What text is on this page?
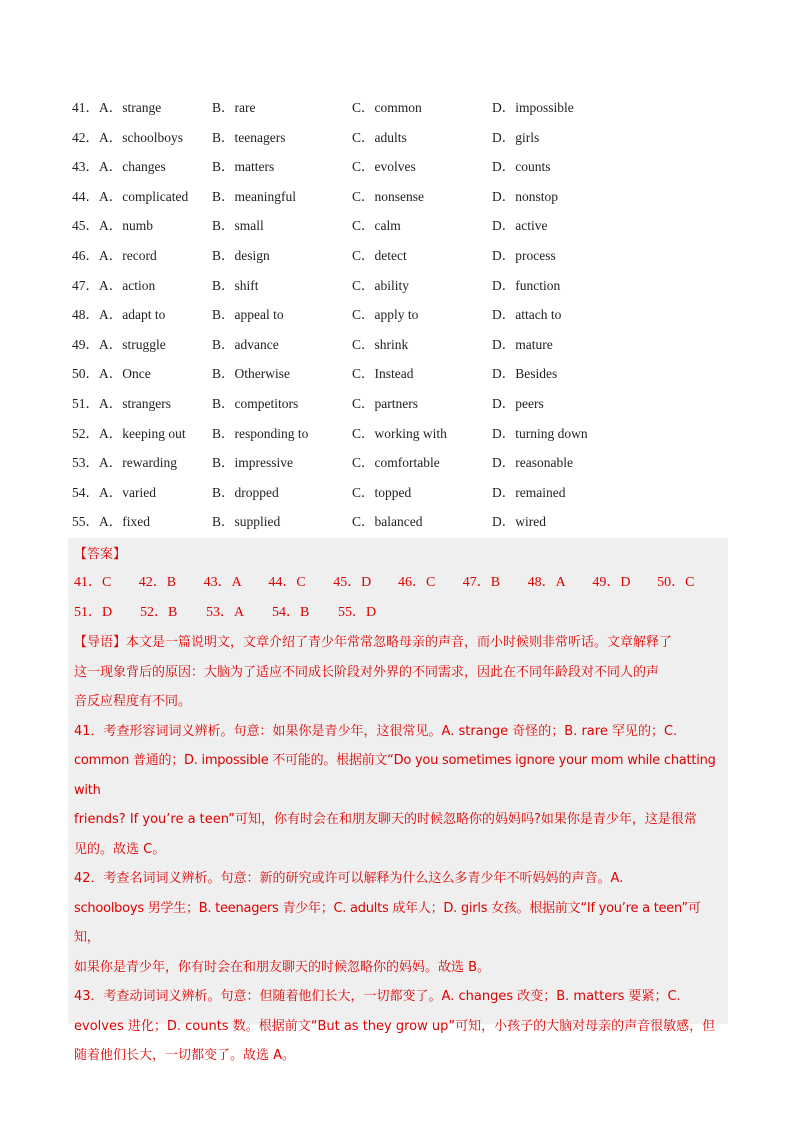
41．A．strange	B．rare	C．common	D．impossible
42．A．schoolboys	B．teenagers	C．adults	D．girls
43．A．changes	B．matters	C．evolves	D．counts
44．A．complicated	B．meaningful	C．nonsense	D．nonstop
45．A．numb	B．small	C．calm	D．active
46．A．record	B．design	C．detect	D．process
47．A．action	B．shift	C．ability	D．function
48．A．adapt to	B．appeal to	C．apply to	D．attach to
49．A．struggle	B．advance	C．shrink	D．mature
50．A．Once	B．Otherwise	C．Instead	D．Besides
51．A．strangers	B．competitors	C．partners	D．peers
52．A．keeping out	B．responding to	C．working with	D．turning down
53．A．rewarding	B．impressive	C．comfortable	D．reasonable
54．A．varied	B．dropped	C．topped	D．remained
55．A．fixed	B．supplied	C．balanced	D．wired
【答案】
41．C	42．B	43．A	44．C	45．D	46．C	47．B	48．A	49．D	50．C
51．D	52．B	53．A	54．B	55．D

【导语】本文是一篇说明文，文章介绍了青少年常常忽略母亲的声音，而小时候则非常听话。文章解释了

这一现象背后的原因：大脑为了适应不同成长阶段对外界的不同需求，因此在不同年龄段对不同人的声

音反应程度有不同。

41．考查形容词词义辨析。句意：如果你是青少年，这很常见。A. strange 奇怪的；B. rare 罕见的；C.

common 普通的；D. impossible 不可能的。根据前文“Do you sometimes ignore your mom while chatting with

friends? If you’re a teen”可知，你有时会在和朋友聊天的时候忽略你的妈妈吗?如果你是青少年，这是很常

见的。故选 C。

42．考查名词词义辨析。句意：新的研究或许可以解释为什么这么多青少年不听妈妈的声音。A.

schoolboys 男学生；B. teenagers 青少年；C. adults 成年人；D. girls 女孩。根据前文“If you’re a teen”可知，

如果你是青少年，你有时会在和朋友聊天的时候忽略你的妈妈。故选 B。

43．考查动词词义辨析。句意：但随着他们长大，一切都变了。A. changes 改变；B. matters 要紧；C.

evolves 进化；D. counts 数。根据前文“But as they grow up”可知，小孩子的大脑对母亲的声音很敏感，但

随着他们长大，一切都变了。故选 A。
